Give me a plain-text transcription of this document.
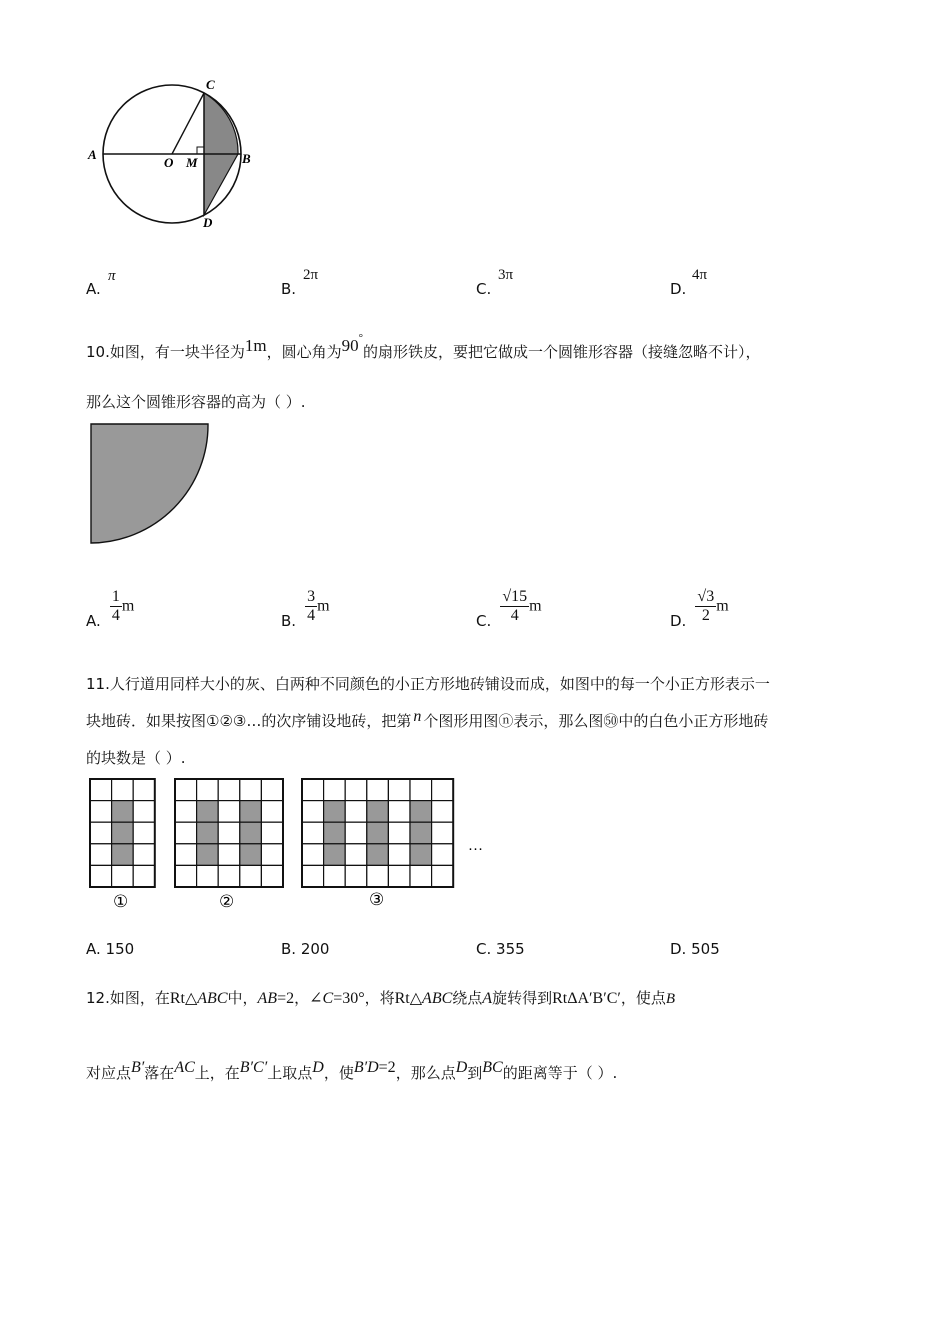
A
O M	B
C
D
A.
π
B.
2π
C.
3π
D.
4π
10.如图，有一块半径为1m，圆心角为90°的扇形铁皮，要把它做成一个圆锥形容器（接缝忽略不计），
那么这个圆锥形容器的高为（ ）.
A. $\frac{1}{4}$ m
B. $\frac{3}{4}$ m
C. $\frac{√15}{4}$ m
D. $\frac{√3}{2}$ m
11.人行道用同样大小的灰、白两种不同颜色的小正方形地砖铺设而成，如图中的每一个小正方形表示一
块地砖．如果按图①②③…的次序铺设地砖，把第 n 个图形用图ⓝ表示，那么图㊿中的白色小正方形地砖
的块数是（ ）.
①	②	③
…
A. 150	B. 200	C. 355	D. 505
12.如图，在Rt△ABC中，AB=2，∠C=30°，将Rt△ABC绕点A旋转得到RtΔA′B′C′，使点B
对应点B′落在AC上，在B′C′上取点D，使B′D=2，那么点D到BC的距离等于（ ）.
